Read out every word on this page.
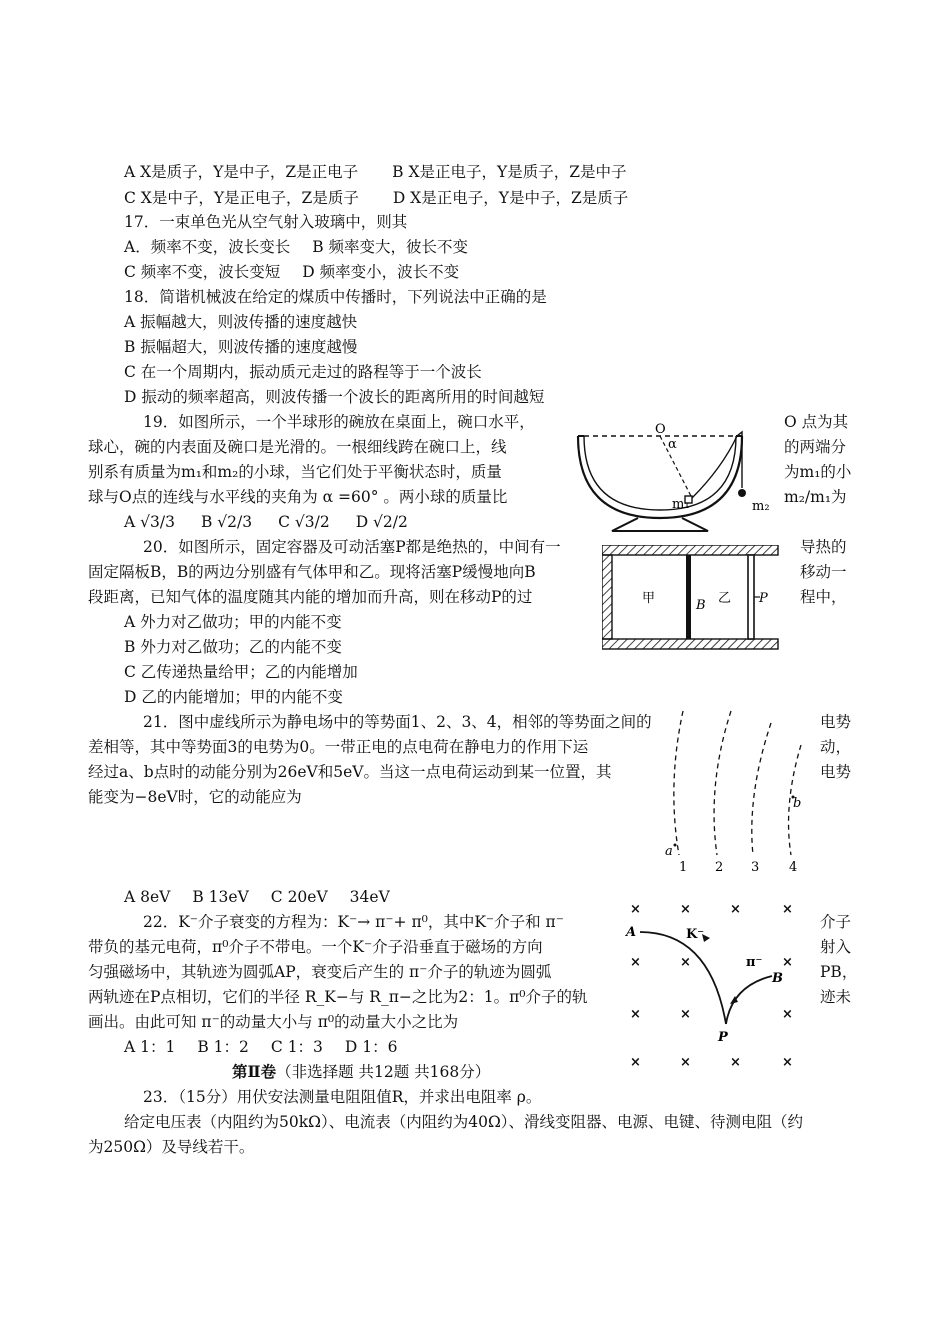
A X是质子，Y是中子，Z是正电子 B X是正电子，Y是质子，Z是中子
C X是中子，Y是正电子，Z是质子 D X是正电子，Y是中子，Z是质子
17．一束单色光从空气射入玻璃中，则其
A．频率不变，波长变长 B 频率变大，彼长不变
C 频率不变，波长变短 D 频率变小，波长不变
18．简谐机械波在给定的煤质中传播时，下列说法中正确的是
A 振幅越大，则波传播的速度越快
B 振幅超大，则波传播的速度越慢
C 在一个周期内，振动质元走过的路程等于一个波长
D 振动的频率超高，则波传播一个波长的距离所用的时间越短
19．如图所示，一个半球形的碗放在桌面上，碗口水平，	O 点为其
球心，碗的内表面及碗口是光滑的。一根细线跨在碗口上，线	的两端分
别系有质量为m₁和m₂的小球，当它们处于平衡状态时，质量	为m₁的小
球与O点的连线与水平线的夹角为 α =60° 。两小球的质量比	m₂/m₁为
A √3/3 B √2/3 C √3/2 D √2/2
O
α
m₁	m₂
20．如图所示，固定容器及可动活塞P都是绝热的，中间有一	导热的
固定隔板B，B的两边分别盛有气体甲和乙。现将活塞P缓慢地向B	移动一
段距离，已知气体的温度随其内能的增加而升高，则在移动P的过	程中，
A 外力对乙做功；甲的内能不变
B 外力对乙做功；乙的内能不变
C 乙传递热量给甲；乙的内能增加
D 乙的内能增加；甲的内能不变
甲	B 乙 P
21．图中虚线所示为静电场中的等势面1、2、3、4，相邻的等势面之间的	电势
差相等，其中等势面3的电势为0。一带正电的点电荷在静电力的作用下运	动，
经过a、b点时的动能分别为26eV和5eV。当这一点电荷运动到某一位置，其	电势
能变为−8eV时，它的动能应为
a
b
1 2 3 4
A 8eV B 13eV C 20eV 34eV
22．K⁻介子衰变的方程为：K⁻→ π⁻+ π⁰，其中K⁻介子和 π⁻	介子
带负的基元电荷，π⁰介子不带电。一个K⁻介子沿垂直于磁场的方向	射入
匀强磁场中，其轨迹为圆弧AP，衰变后产生的 π⁻介子的轨迹为圆弧	PB，
两轨迹在P点相切，它们的半径 R_K−与 R_π−之比为2：1。π⁰介子的轨	迹未
画出。由此可知 π⁻的动量大小与 π⁰的动量大小之比为
A 1：1 B 1：2 C 1：3 D 1：6
×	×	×	×
×	×	×
×	×	×
×	×	×	×
A	K⁻
π⁻
B
P
第Ⅱ卷（非选择题 共12题 共168分）
23．（15分）用伏安法测量电阻阻值R，并求出电阻率 ρ。
给定电压表（内阻约为50kΩ）、电流表（内阻约为40Ω）、滑线变阻器、电源、电键、待测电阻（约
为250Ω）及导线若干。
